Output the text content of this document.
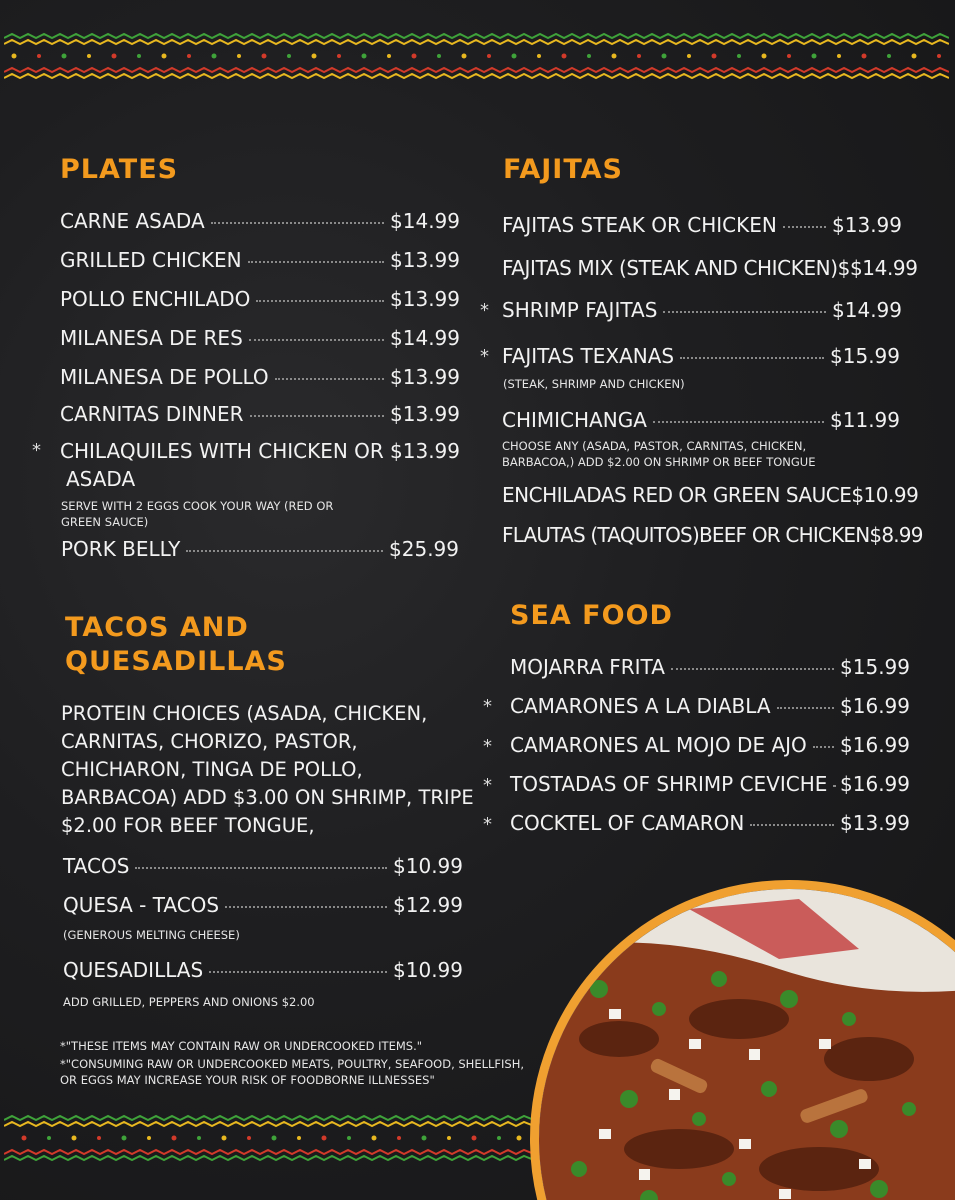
PLATES
CARNE ASADA	$14.99
GRILLED CHICKEN	$13.99
POLLO ENCHILADO	$13.99
MILANESA DE RES	$14.99
MILANESA DE POLLO	$13.99
CARNITAS DINNER	$13.99
* CHILAQUILES WITH CHICKEN OR $13.99
ASADA
SERVE WITH 2 EGGS COOK YOUR WAY (RED OR GREEN SAUCE)
PORK BELLY	$25.99
FAJITAS
FAJITAS STEAK OR CHICKEN	$13.99
FAJITAS MIX (STEAK AND CHICKEN)$ $14.99
* SHRIMP FAJITAS	$14.99
* FAJITAS TEXANAS	$15.99
(STEAK, SHRIMP AND CHICKEN)
CHIMICHANGA	$11.99
CHOOSE ANY (ASADA, PASTOR, CARNITAS, CHICKEN, BARBACOA,) ADD $2.00 ON SHRIMP OR BEEF TONGUE
ENCHILADAS RED OR GREEN SAUCE $10.99
FLAUTAS (TAQUITOS)BEEF OR CHICKEN $8.99
TACOS AND
QUESADILLAS
PROTEIN CHOICES (ASADA, CHICKEN, CARNITAS, CHORIZO, PASTOR, CHICHARON, TINGA DE POLLO, BARBACOA) ADD $3.00 ON SHRIMP, TRIPE $2.00 FOR BEEF TONGUE,
TACOS	$10.99
QUESA - TACOS	$12.99
(GENEROUS MELTING CHEESE)
QUESADILLAS	$10.99
ADD GRILLED, PEPPERS AND ONIONS $2.00
*"THESE ITEMS MAY CONTAIN RAW OR UNDERCOOKED ITEMS."
*"CONSUMING RAW OR UNDERCOOKED MEATS, POULTRY, SEAFOOD, SHELLFISH, OR EGGS MAY INCREASE YOUR RISK OF FOODBORNE ILLNESSES"
SEA FOOD
MOJARRA FRITA	$15.99
* CAMARONES A LA DIABLA	$16.99
* CAMARONES AL MOJO DE AJO $16.99
* TOSTADAS OF SHRIMP CEVICHE $16.99
* COCKTEL OF CAMARON	$13.99
